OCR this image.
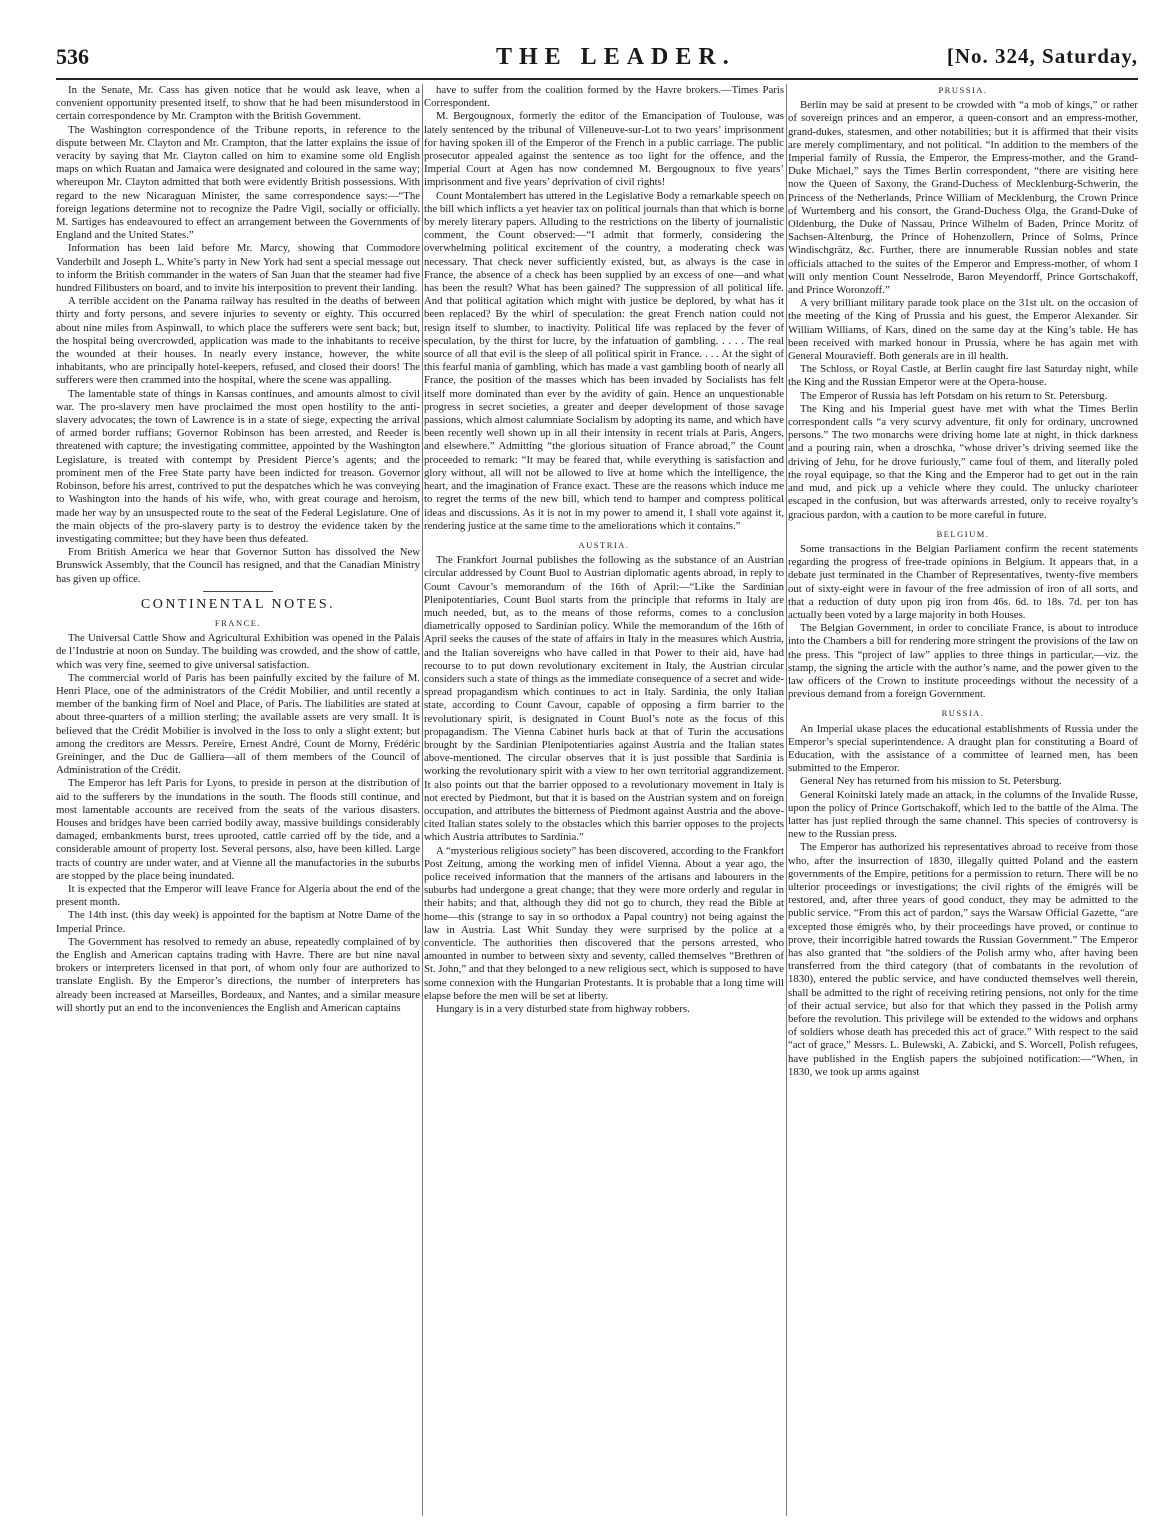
536	THE LEADER.	[No. 324, Saturday,

In the Senate, Mr. Cass has given notice that he would ask leave, when a convenient opportunity presented itself, to show that he had been misunderstood in certain correspondence by Mr. Crampton with the British Government.

The Washington correspondence of the Tribune reports, in reference to the dispute between Mr. Clayton and Mr. Crampton, that the latter explains the issue of veracity by saying that Mr. Clayton called on him to examine some old English maps on which Ruatan and Jamaica were designated and coloured in the same way; whereupon Mr. Clayton admitted that both were evidently British possessions. With regard to the new Nicaraguan Minister, the same correspondence says:—“The foreign legations determine not to recognize the Padre Vigil, socially or officially. M. Sartiges has endeavoured to effect an arrangement between the Governments of England and the United States.”

Information has been laid before Mr. Marcy, showing that Commodore Vanderbilt and Joseph L. White’s party in New York had sent a special message out to inform the British commander in the waters of San Juan that the steamer had five hundred Filibusters on board, and to invite his interposition to prevent their landing.

A terrible accident on the Panama railway has resulted in the deaths of between thirty and forty persons, and severe injuries to seventy or eighty. This occurred about nine miles from Aspinwall, to which place the sufferers were sent back; but, the hospital being overcrowded, application was made to the inhabitants to receive the wounded at their houses. In nearly every instance, however, the white inhabitants, who are principally hotel-keepers, refused, and closed their doors! The sufferers were then crammed into the hospital, where the scene was appalling.

The lamentable state of things in Kansas continues, and amounts almost to civil war. The pro-slavery men have proclaimed the most open hostility to the anti-slavery advocates; the town of Lawrence is in a state of siege, expecting the arrival of armed border ruffians; Governor Robinson has been arrested, and Reeder is threatened with capture; the investigating committee, appointed by the Washington Legislature, is treated with contempt by President Pierce’s agents; and the prominent men of the Free State party have been indicted for treason. Governor Robinson, before his arrest, contrived to put the despatches which he was conveying to Washington into the hands of his wife, who, with great courage and heroism, made her way by an unsuspected route to the seat of the Federal Legislature. One of the main objects of the pro-slavery party is to destroy the evidence taken by the investigating committee; but they have been thus defeated.

From British America we hear that Governor Sutton has dissolved the New Brunswick Assembly, that the Council has resigned, and that the Canadian Ministry has given up office.

CONTINENTAL NOTES.
FRANCE.

The Universal Cattle Show and Agricultural Exhibition was opened in the Palais de l’Industrie at noon on Sunday. The building was crowded, and the show of cattle, which was very fine, seemed to give universal satisfaction.

The commercial world of Paris has been painfully excited by the failure of M. Henri Place, one of the administrators of the Crédit Mobilier, and until recently a member of the banking firm of Noel and Place, of Paris. The liabilities are stated at about three-quarters of a million sterling; the available assets are very small. It is believed that the Crédit Mobilier is involved in the loss to only a slight extent; but among the creditors are Messrs. Pereire, Ernest André, Count de Morny, Frédéric Greininger, and the Duc de Galliera—all of them members of the Council of Administration of the Crédit.

The Emperor has left Paris for Lyons, to preside in person at the distribution of aid to the sufferers by the inundations in the south. The floods still continue, and most lamentable accounts are received from the seats of the various disasters. Houses and bridges have been carried bodily away, massive buildings considerably damaged, embankments burst, trees uprooted, cattle carried off by the tide, and a considerable amount of property lost. Several persons, also, have been killed. Large tracts of country are under water, and at Vienne all the manufactories in the suburbs are stopped by the place being inundated.

It is expected that the Emperor will leave France for Algeria about the end of the present month.

The 14th inst. (this day week) is appointed for the baptism at Notre Dame of the Imperial Prince.

The Government has resolved to remedy an abuse, repeatedly complained of by the English and American captains trading with Havre. There are but nine naval brokers or interpreters licensed in that port, of whom only four are authorized to translate English. By the Emperor’s directions, the number of interpreters has already been increased at Marseilles, Bordeaux, and Nantes, and a similar measure will shortly put an end to the inconveniences the English and American captains

have to suffer from the coalition formed by the Havre brokers.—Times Paris Correspondent.

M. Bergougnoux, formerly the editor of the Emancipation of Toulouse, was lately sentenced by the tribunal of Villeneuve-sur-Lot to two years’ imprisonment for having spoken ill of the Emperor of the French in a public carriage. The public prosecutor appealed against the sentence as too light for the offence, and the Imperial Court at Agen has now condemned M. Bergougnoux to five years’ imprisonment and five years’ deprivation of civil rights!

Count Montalembert has uttered in the Legislative Body a remarkable speech on the bill which inflicts a yet heavier tax on political journals than that which is borne by merely literary papers. Alluding to the restrictions on the liberty of journalistic comment, the Count observed:—“I admit that formerly, considering the overwhelming political excitement of the country, a moderating check was necessary. That check never sufficiently existed, but, as always is the case in France, the absence of a check has been supplied by an excess of one—and what has been the result? What has been gained? The suppression of all political life. And that political agitation which might with justice be deplored, by what has it been replaced? By the whirl of speculation: the great French nation could not resign itself to slumber, to inactivity. Political life was replaced by the fever of speculation, by the thirst for lucre, by the infatuation of gambling. . . . . The real source of all that evil is the sleep of all political spirit in France. . . . At the sight of this fearful mania of gambling, which has made a vast gambling booth of nearly all France, the position of the masses which has been invaded by Socialists has felt itself more dominated than ever by the avidity of gain. Hence an unquestionable progress in secret societies, a greater and deeper development of those savage passions, which almost calumniate Socialism by adopting its name, and which have been recently well shown up in all their intensity in recent trials at Paris, Angers, and elsewhere.” Admitting “the glorious situation of France abroad,” the Count proceeded to remark: “It may be feared that, while everything is satisfaction and glory without, all will not be allowed to live at home which the intelligence, the heart, and the imagination of France exact. These are the reasons which induce me to regret the terms of the new bill, which tend to hamper and compress political ideas and discussions. As it is not in my power to amend it, I shall vote against it, rendering justice at the same time to the ameliorations which it contains.”

AUSTRIA.

The Frankfort Journal publishes the following as the substance of an Austrian circular addressed by Count Buol to Austrian diplomatic agents abroad, in reply to Count Cavour’s memorandum of the 16th of April:—“Like the Sardinian Plenipotentiaries, Count Buol starts from the principle that reforms in Italy are much needed, but, as to the means of those reforms, comes to a conclusion diametrically opposed to Sardinian policy. While the memorandum of the 16th of April seeks the causes of the state of affairs in Italy in the measures which Austria, and the Italian sovereigns who have called in that Power to their aid, have had recourse to to put down revolutionary excitement in Italy, the Austrian circular considers such a state of things as the immediate consequence of a secret and wide-spread propagandism which continues to act in Italy. Sardinia, the only Italian state, according to Count Cavour, capable of opposing a firm barrier to the revolutionary spirit, is designated in Count Buol’s note as the focus of this propagandism. The Vienna Cabinet hurls back at that of Turin the accusations brought by the Sardinian Plenipotentiaries against Austria and the Italian states above-mentioned. The circular observes that it is just possible that Sardinia is working the revolutionary spirit with a view to her own territorial aggrandizement. It also points out that the barrier opposed to a revolutionary movement in Italy is not erected by Piedmont, but that it is based on the Austrian system and on foreign occupation, and attributes the bitterness of Piedmont against Austria and the above-cited Italian states solely to the obstacles which this barrier opposes to the projects which Austria attributes to Sardinia.”

A “mysterious religious society” has been discovered, according to the Frankfort Post Zeitung, among the working men of infidel Vienna. About a year ago, the police received information that the manners of the artisans and labourers in the suburbs had undergone a great change; that they were more orderly and regular in their habits; and that, although they did not go to church, they read the Bible at home—this (strange to say in so orthodox a Papal country) not being against the law in Austria. Last Whit Sunday they were surprised by the police at a conventicle. The authorities then discovered that the persons arrested, who amounted in number to between sixty and seventy, called themselves “Brethren of St. John,” and that they belonged to a new religious sect, which is supposed to have some connexion with the Hungarian Protestants. It is probable that a long time will elapse before the men will be set at liberty.

Hungary is in a very disturbed state from highway robbers.

PRUSSIA.

Berlin may be said at present to be crowded with “a mob of kings,” or rather of sovereign princes and an emperor, a queen-consort and an empress-mother, grand-dukes, statesmen, and other notabilities; but it is affirmed that their visits are merely complimentary, and not political. “In addition to the members of the Imperial family of Russia, the Emperor, the Empress-mother, and the Grand-Duke Michael,” says the Times Berlin correspondent, “there are visiting here now the Queen of Saxony, the Grand-Duchess of Mecklenburg-Schwerin, the Princess of the Netherlands, Prince William of Mecklenburg, the Crown Prince of Wurtemberg and his consort, the Grand-Duchess Olga, the Grand-Duke of Oldenburg, the Duke of Nassau, Prince Wilhelm of Baden, Prince Moritz of Sachsen-Altenburg, the Prince of Hohenzollern, Prince of Solms, Prince Windischgrätz, &c. Further, there are innumerable Russian nobles and state officials attached to the suites of the Emperor and Empress-mother, of whom I will only mention Count Nesselrode, Baron Meyendorff, Prince Gortschakoff, and Prince Woronzoff.”

A very brilliant military parade took place on the 31st ult. on the occasion of the meeting of the King of Prussia and his guest, the Emperor Alexander. Sir William Williams, of Kars, dined on the same day at the King’s table. He has been received with marked honour in Prussia, where he has again met with General Mouravieff. Both generals are in ill health.

The Schloss, or Royal Castle, at Berlin caught fire last Saturday night, while the King and the Russian Emperor were at the Opera-house.

The Emperor of Russia has left Potsdam on his return to St. Petersburg.

The King and his Imperial guest have met with what the Times Berlin correspondent calls “a very scurvy adventure, fit only for ordinary, uncrowned persons.” The two monarchs were driving home late at night, in thick darkness and a pouring rain, when a droschka, “whose driver’s driving seemed like the driving of Jehu, for he drove furiously,” came foul of them, and literally poled the royal equipage, so that the King and the Emperor had to get out in the rain and mud, and pick up a vehicle where they could. The unlucky charioteer escaped in the confusion, but was afterwards arrested, only to receive royalty’s gracious pardon, with a caution to be more careful in future.

BELGIUM.

Some transactions in the Belgian Parliament confirm the recent statements regarding the progress of free-trade opinions in Belgium. It appears that, in a debate just terminated in the Chamber of Representatives, twenty-five members out of sixty-eight were in favour of the free admission of iron of all sorts, and that a reduction of duty upon pig iron from 46s. 6d. to 18s. 7d. per ton has actually been voted by a large majority in both Houses.

The Belgian Government, in order to conciliate France, is about to introduce into the Chambers a bill for rendering more stringent the provisions of the law on the press. This “project of law” applies to three things in particular,—viz. the stamp, the signing the article with the author’s name, and the power given to the law officers of the Crown to institute proceedings without the necessity of a previous demand from a foreign Government.

RUSSIA.

An Imperial ukase places the educational establishments of Russia under the Emperor’s special superintendence. A draught plan for constituting a Board of Education, with the assistance of a committee of learned men, has been submitted to the Emperor.

General Ney has returned from his mission to St. Petersburg.

General Koinitski lately made an attack, in the columns of the Invalide Russe, upon the policy of Prince Gortschakoff, which led to the battle of the Alma. The latter has just replied through the same channel. This species of controversy is new to the Russian press.

The Emperor has authorized his representatives abroad to receive from those who, after the insurrection of 1830, illegally quitted Poland and the eastern governments of the Empire, petitions for a permission to return. There will be no ulterior proceedings or investigations; the civil rights of the émigrés will be restored, and, after three years of good conduct, they may be admitted to the public service. “From this act of pardon,” says the Warsaw Official Gazette, “are excepted those émigrés who, by their proceedings have proved, or continue to prove, their incorrigible hatred towards the Russian Government.” The Emperor has also granted that “the soldiers of the Polish army who, after having been transferred from the third category (that of combatants in the revolution of 1830), entered the public service, and have conducted themselves well therein, shall be admitted to the right of receiving retiring pensions, not only for the time of their actual service, but also for that which they passed in the Polish army before the revolution. This privilege will be extended to the widows and orphans of soldiers whose death has preceded this act of grace.” With respect to the said “act of grace,” Messrs. L. Bulewski, A. Zabicki, and S. Worcell, Polish refugees, have published in the English papers the subjoined notification:—“When, in 1830, we took up arms against
